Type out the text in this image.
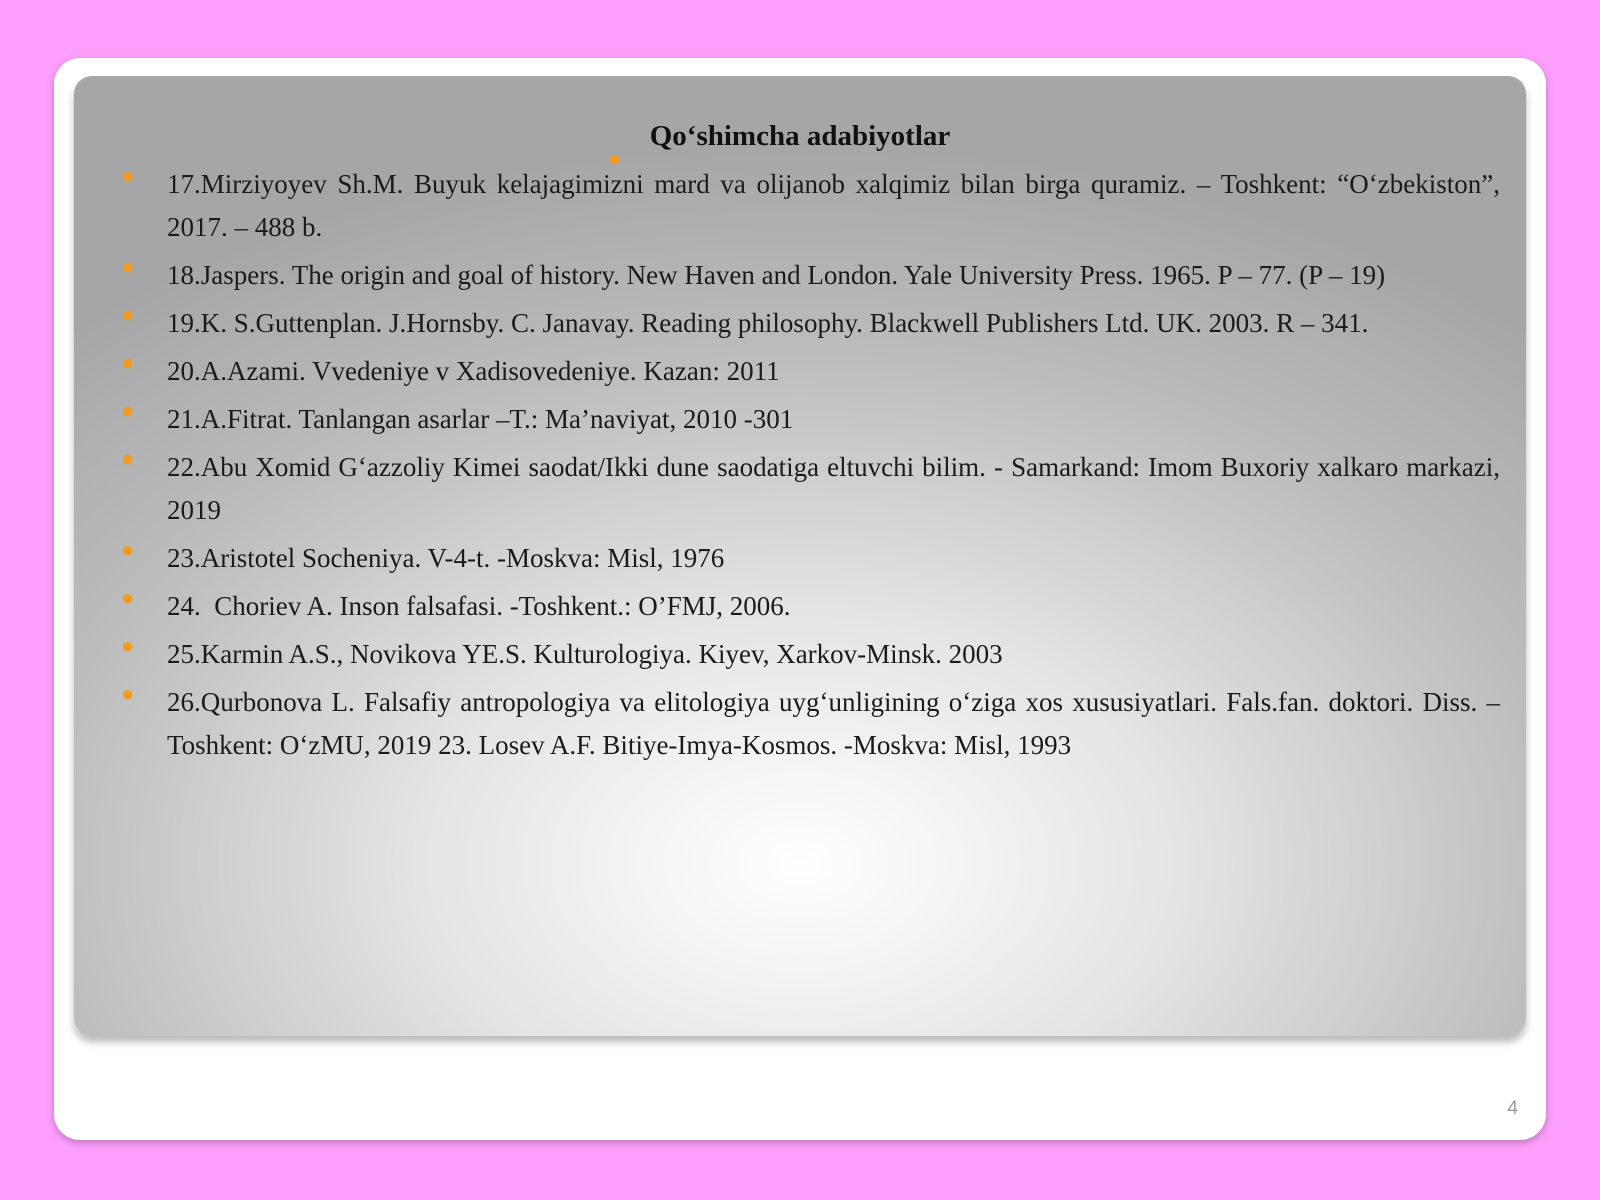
●
Qo‘shimcha adabiyotlar
● 17.Mirziyoyev Sh.M. Buyuk kelajagimizni mard va olijanob xalqimiz bilan birga quramiz. – Toshkent: “O‘zbekiston”, 2017. – 488 b.
● 18.Jaspers. The origin and goal of history. New Haven and London. Yale University Press. 1965. P – 77. (P – 19)
● 19.K. S.Guttenplan. J.Hornsby. C. Janavay. Reading philosophy. Blackwell Publishers Ltd. UK. 2003. R – 341.
● 20.A.Azami. Vvedeniye v Xadisovedeniye. Kazan: 2011
● 21.A.Fitrat. Tanlangan asarlar –T.: Ma’naviyat, 2010 -301
● 22.Abu Xomid G‘azzoliy Kimei saodat/Ikki dune saodatiga eltuvchi bilim. - Samarkand: Imom Buxoriy xalkaro markazi, 2019
● 23.Aristotel Socheniya. V-4-t. -Moskva: Misl, 1976
● 24.  Choriev A. Inson falsafasi. -Toshkent.: O’FMJ, 2006.
● 25.Karmin A.S., Novikova YE.S. Kulturologiya. Kiyev, Xarkov-Minsk. 2003
● 26.Qurbonova L. Falsafiy antropologiya va elitologiya uyg‘unligining o‘ziga xos xususiyatlari. Fals.fan. doktori. Diss. –Toshkent: O‘zMU, 2019 23. Losev A.F. Bitiye-Imya-Kosmos. -Moskva: Misl, 1993
4
